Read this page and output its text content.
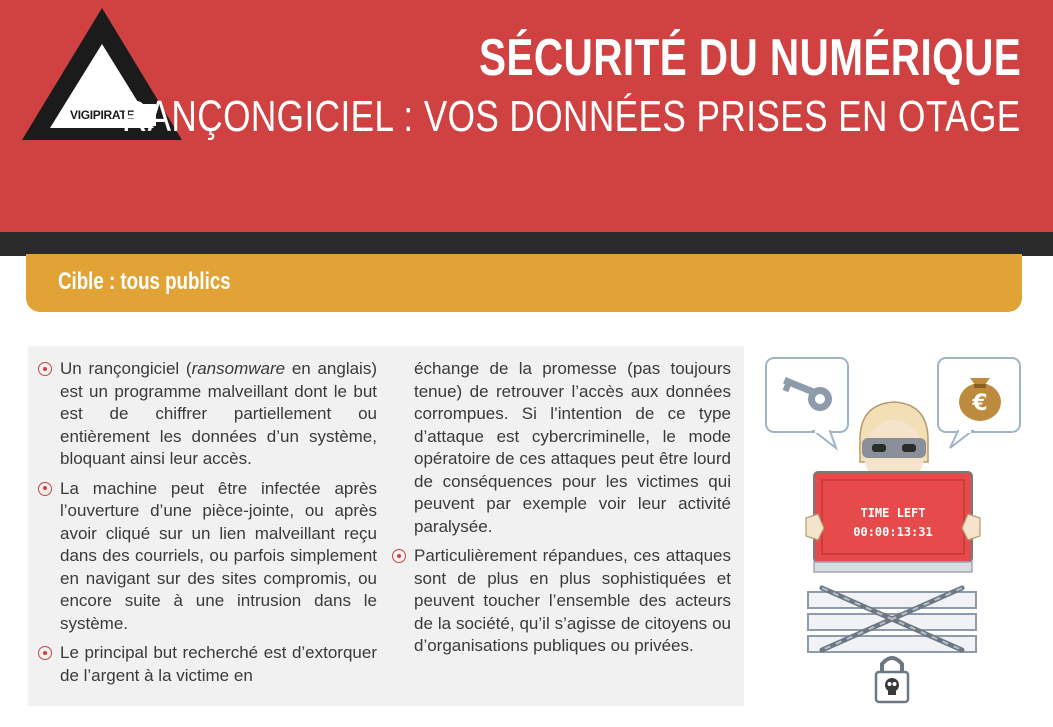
VIGIPIRATE
SÉCURITÉ DU NUMÉRIQUE
RANÇONGICIEL : VOS DONNÉES PRISES EN OTAGE
Cible : tous publics

Un rançongiciel (ransomware en anglais) est un programme malveillant dont le but est de chiffrer partiellement ou entièrement les données d’un système, bloquant ainsi leur accès.

La machine peut être infectée après l’ouverture d’une pièce-jointe, ou après avoir cliqué sur un lien malveillant reçu dans des courriels, ou parfois simplement en navigant sur des sites compromis, ou encore suite à une intrusion dans le système.

Le principal but recherché est d’extorquer de l’argent à la victime en

échange de la promesse (pas toujours tenue) de retrouver l’accès aux données corrompues. Si l’intention de ce type d’attaque est cybercriminelle, le mode opératoire de ces attaques peut être lourd de conséquences pour les victimes qui peuvent par exemple voir leur activité paralysée.

Particulièrement répandues, ces attaques sont de plus en plus sophistiquées et peuvent toucher l’ensemble des acteurs de la société, qu’il s’agisse de citoyens ou d’organisations publiques ou privées.

€
TIME LEFT
00:00:13:31
